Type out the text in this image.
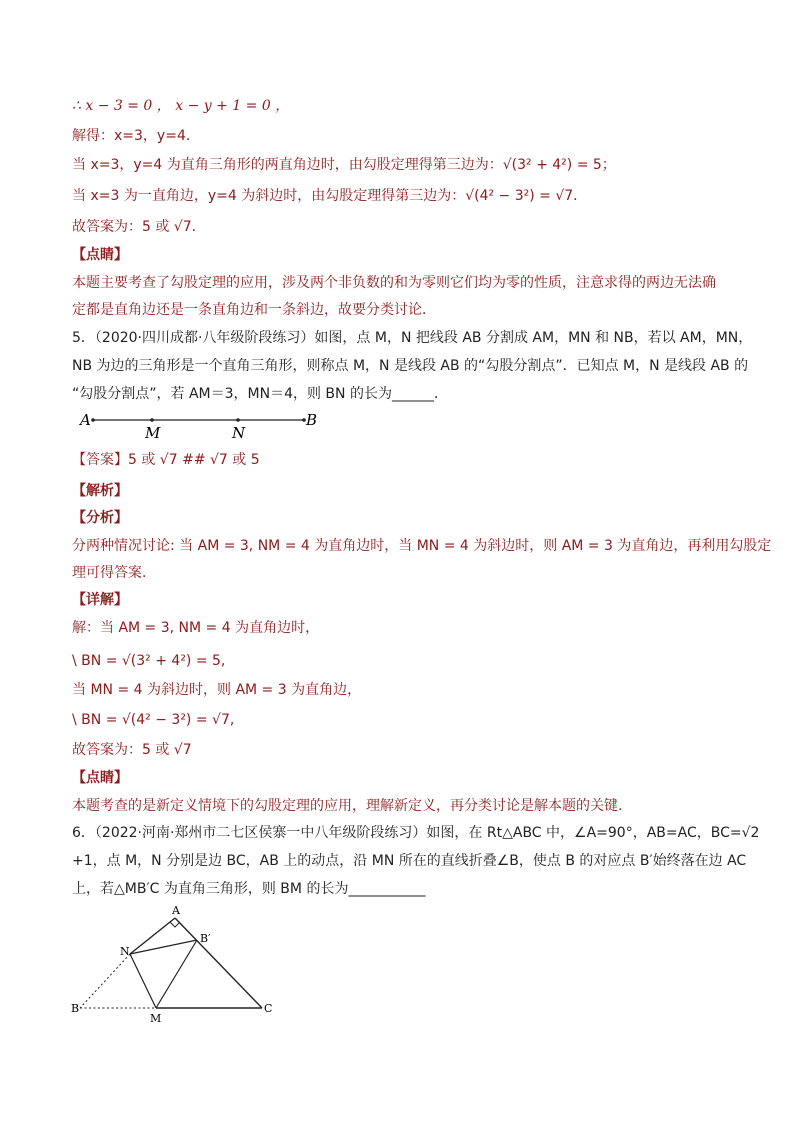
∴ x − 3 = 0 ， x − y + 1 = 0 ，
解得：x=3，y=4．
当 x=3，y=4 为直角三角形的两直角边时，由勾股定理得第三边为：√(3² + 4²) = 5；
当 x=3 为一直角边，y=4 为斜边时，由勾股定理得第三边为：√(4² − 3²) = √7．
故答案为：5 或 √7．
【点睛】
本题主要考查了勾股定理的应用，涉及两个非负数的和为零则它们均为零的性质，注意求得的两边无法确
定都是直角边还是一条直角边和一条斜边，故要分类讨论．
5．（2020·四川成都·八年级阶段练习）如图，点 M，N 把线段 AB 分割成 AM，MN 和 NB，若以 AM，MN，
NB 为边的三角形是一个直角三角形，则称点 M，N 是线段 AB 的“勾股分割点”．已知点 M，N 是线段 AB 的
“勾股分割点”，若 AM＝3，MN＝4，则 BN 的长为______．
A
M	N
B
【答案】5 或 √7 ## √7 或 5
【解析】
【分析】
分两种情况讨论: 当 AM = 3, NM = 4 为直角边时，当 MN = 4 为斜边时，则 AM = 3 为直角边，再利用勾股定
理可得答案.
【详解】
解：当 AM = 3, NM = 4 为直角边时，
\ BN = √(3² + 4²) = 5,
当 MN = 4 为斜边时，则 AM = 3 为直角边，
\ BN = √(4² − 3²) = √7,
故答案为：5 或 √7
【点睛】
本题考查的是新定义情境下的勾股定理的应用，理解新定义，再分类讨论是解本题的关键.
6．（2022·河南·郑州市二七区侯寨一中八年级阶段练习）如图，在 Rt△ABC 中，∠A=90°，AB=AC，BC=√2
+1，点 M，N 分别是边 BC，AB 上的动点，沿 MN 所在的直线折叠∠B，使点 B 的对应点 B′始终落在边 AC
上，若△MB′C 为直角三角形，则 BM 的长为___________
A
B′
N
B
M
C
